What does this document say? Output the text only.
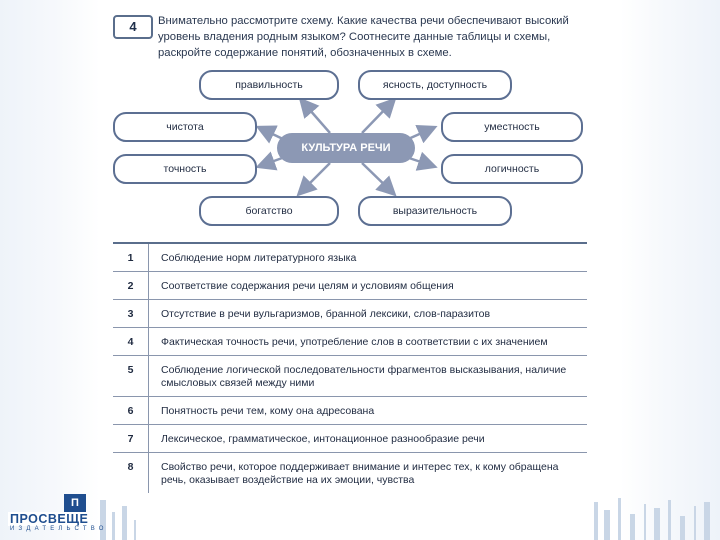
4	Внимательно рассмотрите схему. Какие качества речи обеспечивают высокий уровень владения родным языком? Соотнесите данные таблицы и схемы, раскройте содержание понятий, обозначенных в схеме.

правильность	ясность, доступность
чистота	уместность
точность	логичность
богатство	выразительность
КУЛЬТУРА РЕЧИ
1	Соблюдение норм литературного языка
2	Соответствие содержания речи целям и условиям общения
3	Отсутствие в речи вульгаризмов, бранной лексики, слов-паразитов
4	Фактическая точность речи, употребление слов в соответствии с их значением
5	Соблюдение логической последовательности фрагментов высказывания, наличие смысловых связей между ними
6	Понятность речи тем, кому она адресована
7	Лексическое, грамматическое, интонационное разнообразие речи
8	Свойство речи, которое поддерживает внимание и интерес тех, к кому обращена речь, оказывает воздействие на их эмоции, чувства
П
ПРОСВЕЩЕ
ИЗДАТЕЛЬСТВО
